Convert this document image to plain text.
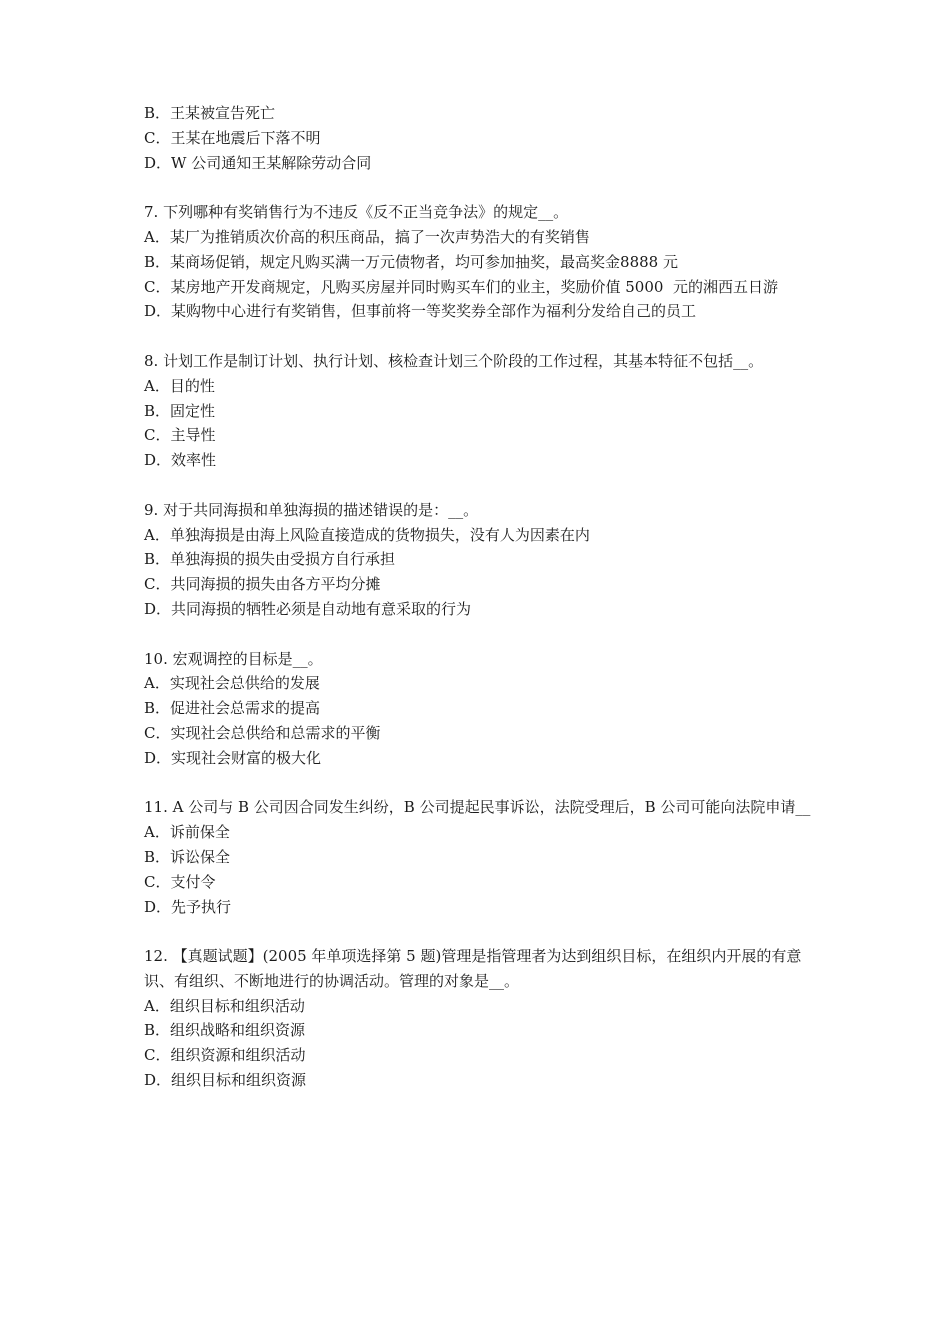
B．王某被宣告死亡
C．王某在地震后下落不明
D．W 公司通知王某解除劳动合同
7. 下列哪种有奖销售行为不违反《反不正当竞争法》的规定__。
A．某厂为推销质次价高的积压商品，搞了一次声势浩大的有奖销售
B．某商场促销，规定凡购买满一万元债物者，均可参加抽奖，最高奖金8888 元
C．某房地产开发商规定，凡购买房屋并同时购买车们的业主，奖励价值 5000  元的湘西五日游
D．某购物中心进行有奖销售，但事前将一等奖奖券全部作为福利分发给自己的员工
8. 计划工作是制订计划、执行计划、核检查计划三个阶段的工作过程，其基本特征不包括__。
A．目的性
B．固定性
C．主导性
D．效率性
9. 对于共同海损和单独海损的描述错误的是：__。
A．单独海损是由海上风险直接造成的货物损失，没有人为因素在内
B．单独海损的损失由受损方自行承担
C．共同海损的损失由各方平均分摊
D．共同海损的牺牲必须是自动地有意采取的行为
10. 宏观调控的目标是__。
A．实现社会总供给的发展
B．促进社会总需求的提高
C．实现社会总供给和总需求的平衡
D．实现社会财富的极大化
11. A 公司与 B 公司因合同发生纠纷，B 公司提起民事诉讼，法院受理后，B 公司可能向法院申请__
A．诉前保全
B．诉讼保全
C．支付令
D．先予执行
12. 【真题试题】(2005 年单项选择第 5 题)管理是指管理者为达到组织目标，在组织内开展的有意识、有组织、不断地进行的协调活动。管理的对象是__。
A．组织目标和组织活动
B．组织战略和组织资源
C．组织资源和组织活动
D．组织目标和组织资源
